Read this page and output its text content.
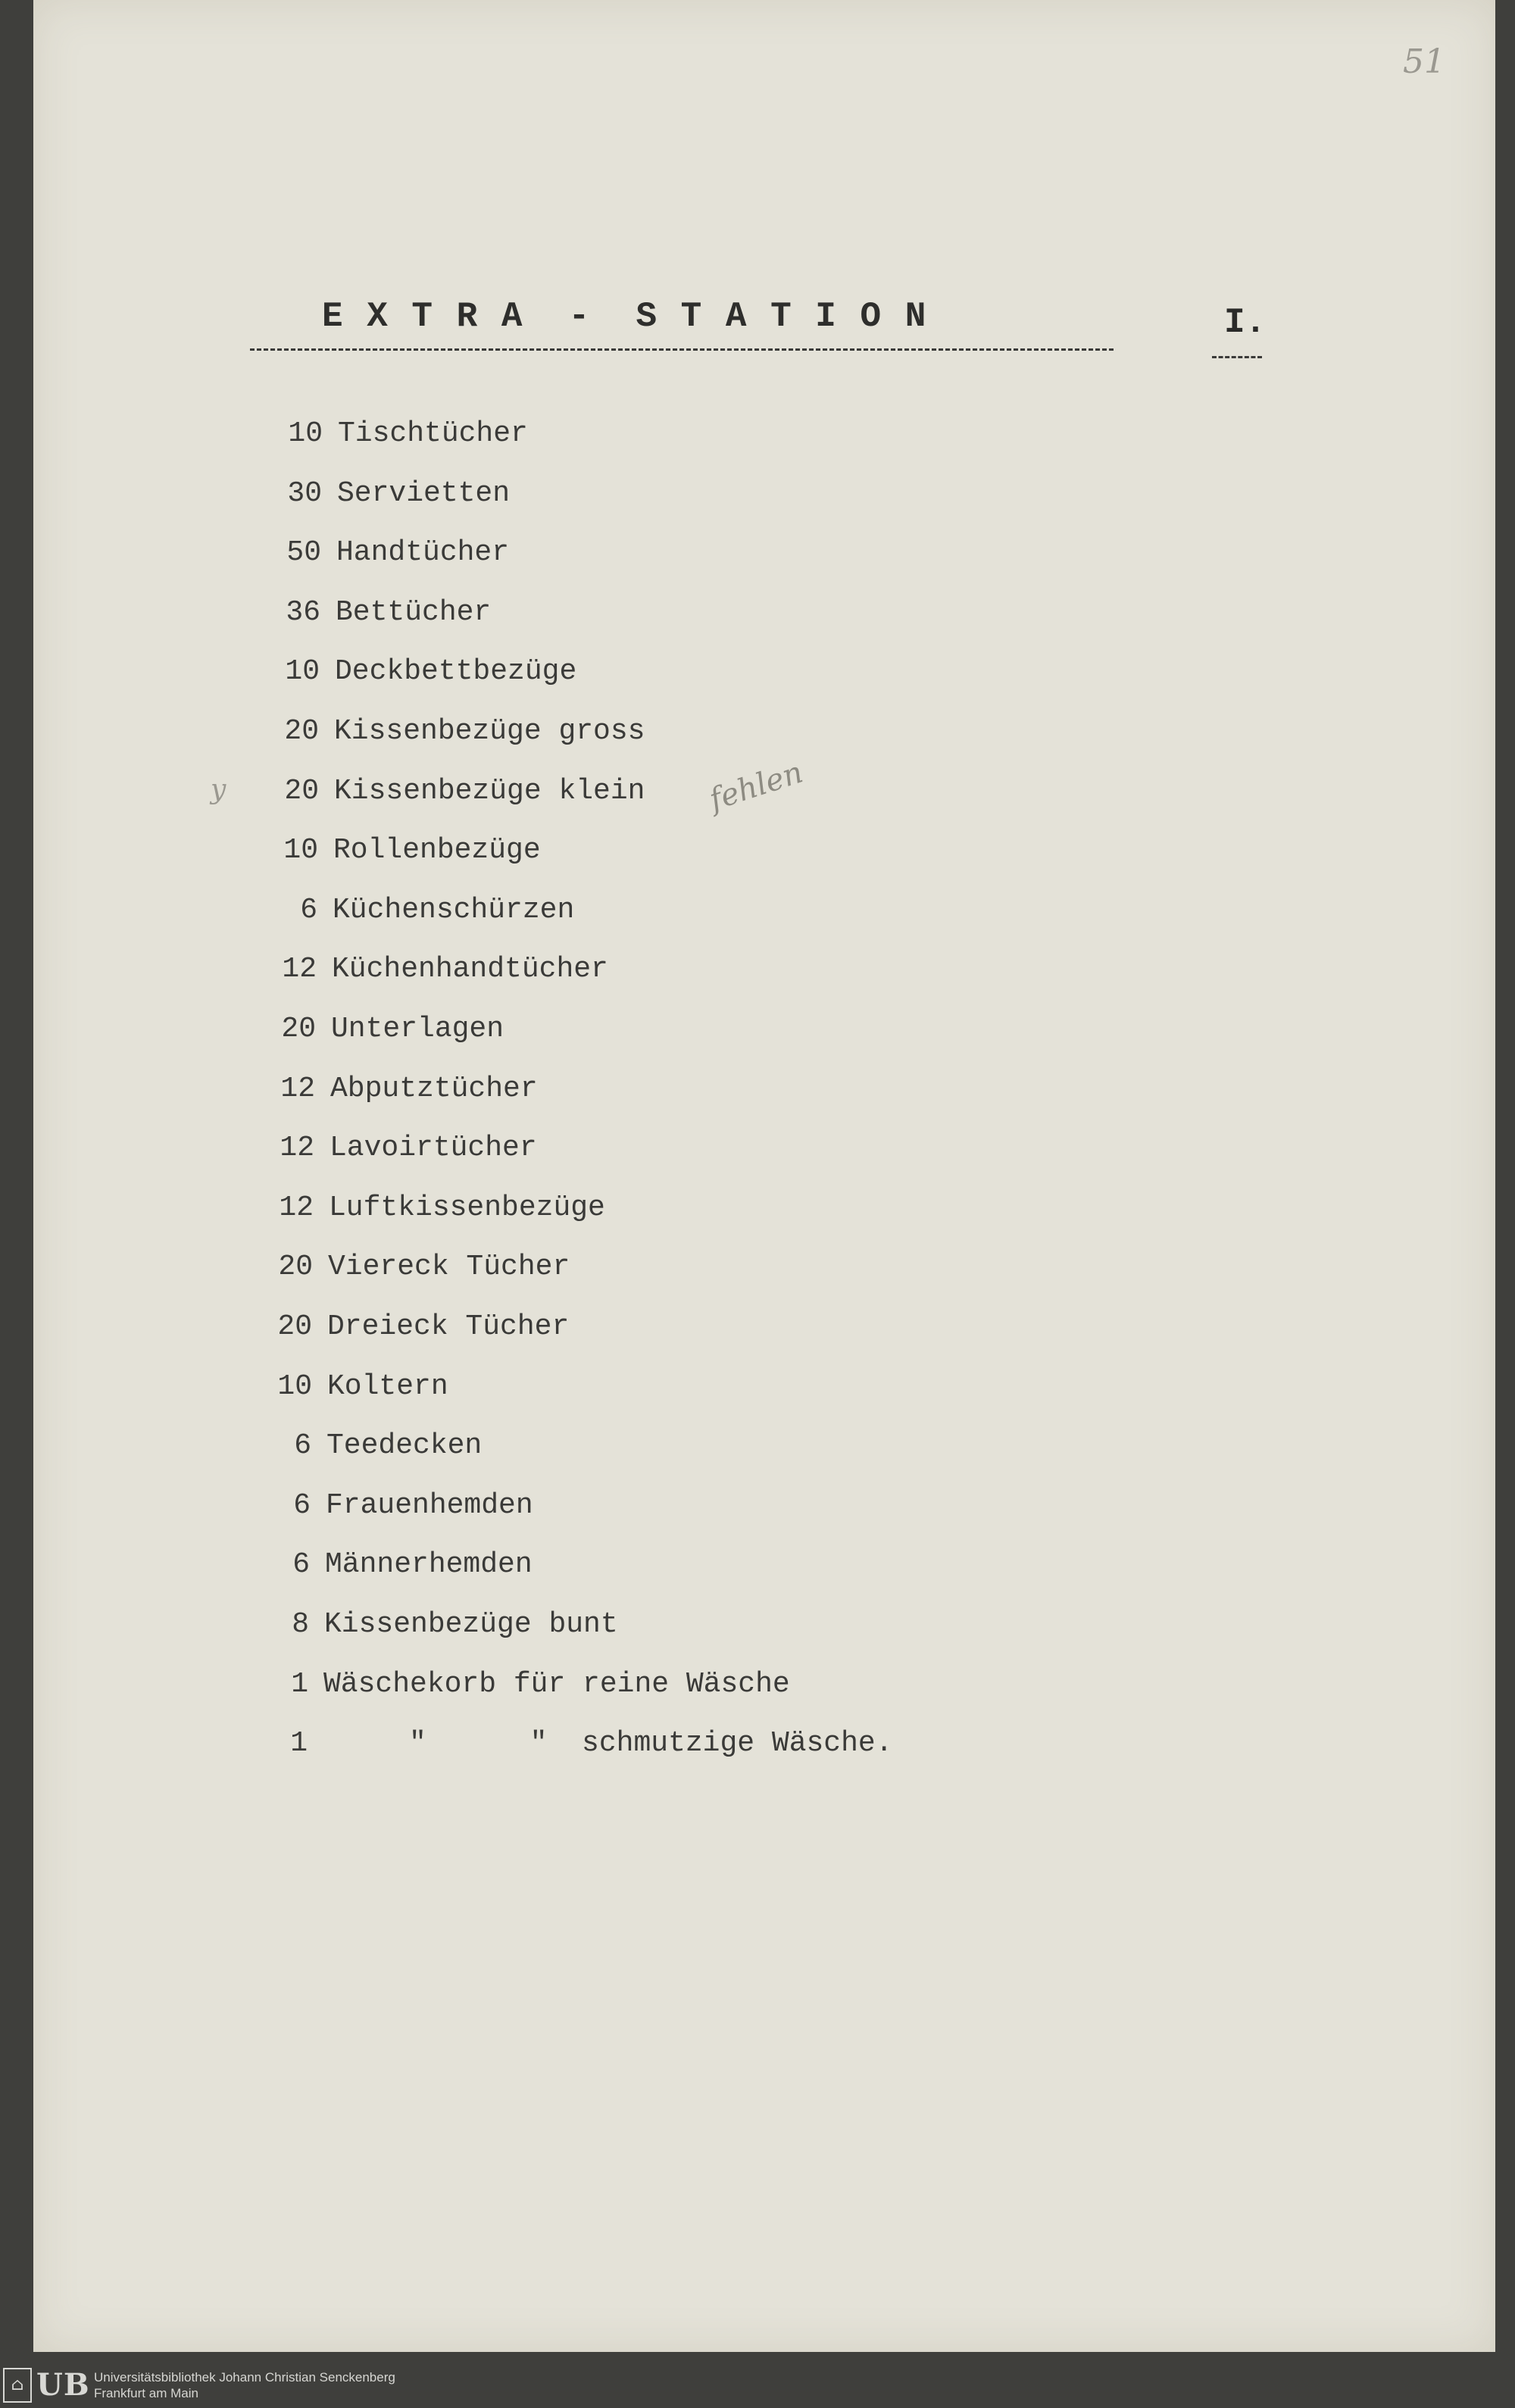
51
E X T R A  -  S T A T I O N	I.
10 Tischtücher
30 Servietten
50 Handtücher
36 Bettücher
10 Deckbettbezüge
20 Kissenbezüge gross
20 Kissenbezüge klein
10 Rollenbezüge
6 Küchenschürzen
12 Küchenhandtücher
20 Unterlagen
12 Abputztücher
12 Lavoirtücher
12 Luftkissenbezüge
20 Viereck Tücher
20 Dreieck Tücher
10 Koltern
6 Teedecken
6 Frauenhemden
6 Männerhemden
8 Kissenbezüge bunt
1 Wäschekorb für reine Wäsche
1 "      "  schmutzige Wäsche.
y	fehlen
⌂ UB Universitätsbibliothek Johann Christian Senckenberg
Frankfurt am Main
